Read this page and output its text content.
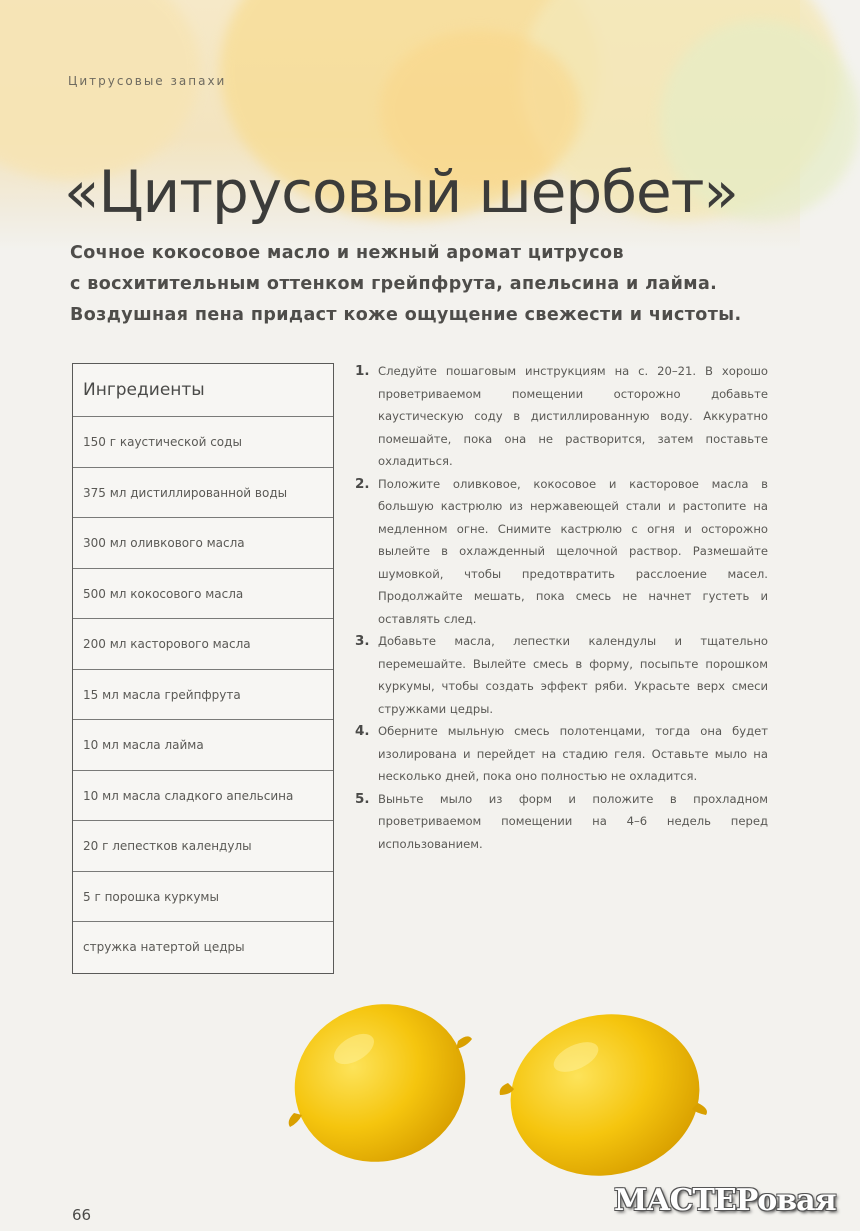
Цитрусовые запахи
«Цитрусовый шербет»
Сочное кокосовое масло и нежный аромат цитрусов
с восхитительным оттенком грейпфрута, апельсина и лайма.
Воздушная пена придаст коже ощущение свежести и чистоты.
Ингредиенты
150 г каустической соды
375 мл дистиллированной воды
300 мл оливкового масла
500 мл кокосового масла
200 мл касторового масла
15 мл масла грейпфрута
10 мл масла лайма
10 мл масла сладкого апельсина
20 г лепестков календулы
5 г порошка куркумы
стружка натертой цедры
1. Следуйте пошаговым инструкциям на с. 20–21. В хорошо проветриваемом помещении осторожно добавьте каустическую соду в дистиллированную воду. Аккуратно помешайте, пока она не растворится, затем поставьте охладиться.
2. Положите оливковое, кокосовое и касторовое масла в большую кастрюлю из нержавеющей стали и растопите на медленном огне. Снимите кастрюлю с огня и осторожно вылейте в охлажденный щелочной раствор. Размешайте шумовкой, чтобы предотвратить расслоение масел. Продолжайте мешать, пока смесь не начнет густеть и оставлять след.
3. Добавьте масла, лепестки календулы и тщательно перемешайте. Вылейте смесь в форму, посыпьте порошком куркумы, чтобы создать эффект ряби. Украсьте верх смеси стружками цедры.
4. Оберните мыльную смесь полотенцами, тогда она будет изолирована и перейдет на стадию геля. Оставьте мыло на несколько дней, пока оно полностью не охладится.
5. Выньте мыло из форм и положите в прохладном проветриваемом помещении на 4–6 недель перед использованием.
66	МАСТЕРовая
